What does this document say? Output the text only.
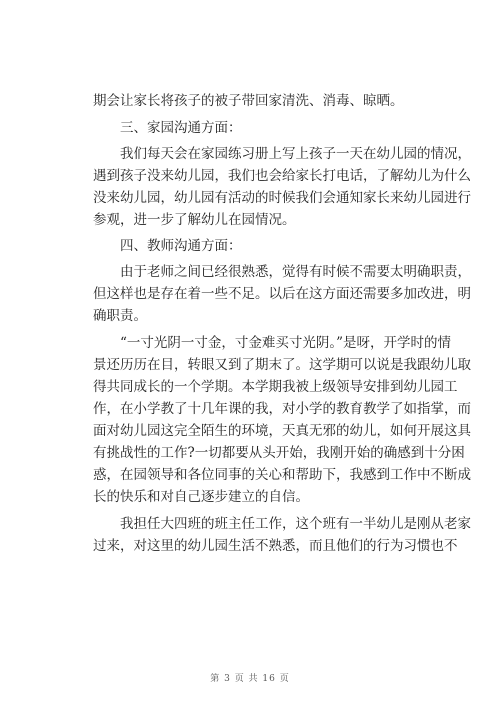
期会让家长将孩子的被子带回家清洗、消毒、晾晒。

三、家园沟通方面：

我们每天会在家园练习册上写上孩子一天在幼儿园的情况，
遇到孩子没来幼儿园，我们也会给家长打电话，了解幼儿为什么
没来幼儿园，幼儿园有活动的时候我们会通知家长来幼儿园进行
参观，进一步了解幼儿在园情况。

四、教师沟通方面：

由于老师之间已经很熟悉，觉得有时候不需要太明确职责，
但这样也是存在着一些不足。以后在这方面还需要多加改进，明
确职责。

“一寸光阴一寸金，寸金难买寸光阴。”是呀，开学时的情
景还历历在目，转眼又到了期末了。这学期可以说是我跟幼儿取
得共同成长的一个学期。本学期我被上级领导安排到幼儿园工
作，在小学教了十几年课的我，对小学的教育教学了如指掌，而
面对幼儿园这完全陌生的环境，天真无邪的幼儿，如何开展这具
有挑战性的工作?一切都要从头开始，我刚开始的确感到十分困
惑，在园领导和各位同事的关心和帮助下，我感到工作中不断成
长的快乐和对自己逐步建立的自信。

我担任大四班的班主任工作，这个班有一半幼儿是刚从老家
过来，对这里的幼儿园生活不熟悉，而且他们的行为习惯也不

第 3 页 共 16 页
